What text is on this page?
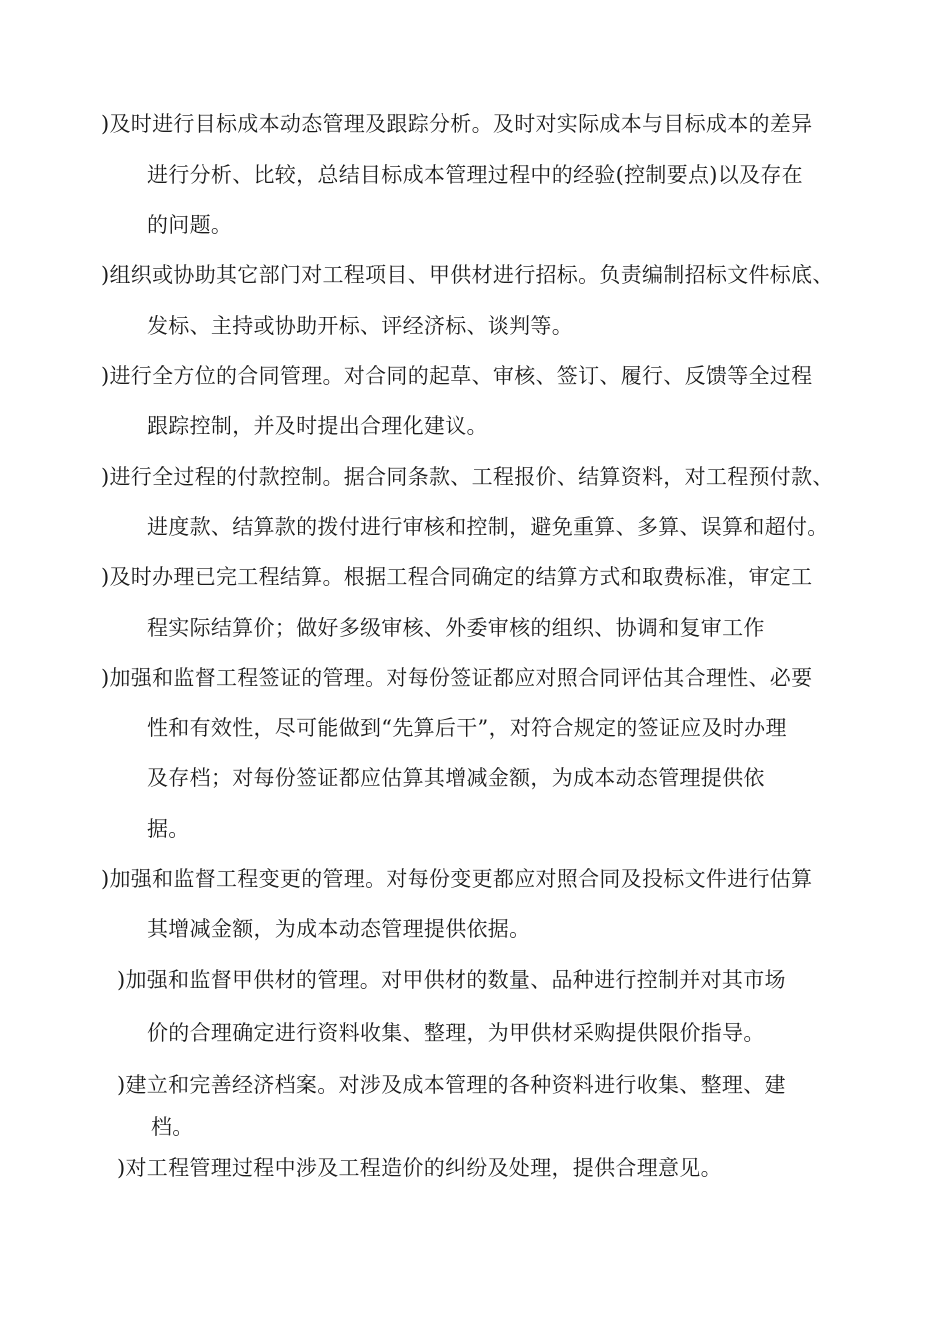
)及时进行目标成本动态管理及跟踪分析。及时对实际成本与目标成本的差异
进行分析、比较，总结目标成本管理过程中的经验(控制要点)以及存在
的问题。
)组织或协助其它部门对工程项目、甲供材进行招标。负责编制招标文件标底、
发标、主持或协助开标、评经济标、谈判等。
)进行全方位的合同管理。对合同的起草、审核、签订、履行、反馈等全过程
跟踪控制，并及时提出合理化建议。
)进行全过程的付款控制。据合同条款、工程报价、结算资料，对工程预付款、
进度款、结算款的拨付进行审核和控制，避免重算、多算、误算和超付。
)及时办理已完工程结算。根据工程合同确定的结算方式和取费标准，审定工
程实际结算价；做好多级审核、外委审核的组织、协调和复审工作
)加强和监督工程签证的管理。对每份签证都应对照合同评估其合理性、必要
性和有效性，尽可能做到“先算后干”，对符合规定的签证应及时办理
及存档；对每份签证都应估算其增减金额，为成本动态管理提供依
据。
)加强和监督工程变更的管理。对每份变更都应对照合同及投标文件进行估算
其增减金额，为成本动态管理提供依据。
)加强和监督甲供材的管理。对甲供材的数量、品种进行控制并对其市场
价的合理确定进行资料收集、整理，为甲供材采购提供限价指导。
)建立和完善经济档案。对涉及成本管理的各种资料进行收集、整理、建
档。
)对工程管理过程中涉及工程造价的纠纷及处理，提供合理意见。
